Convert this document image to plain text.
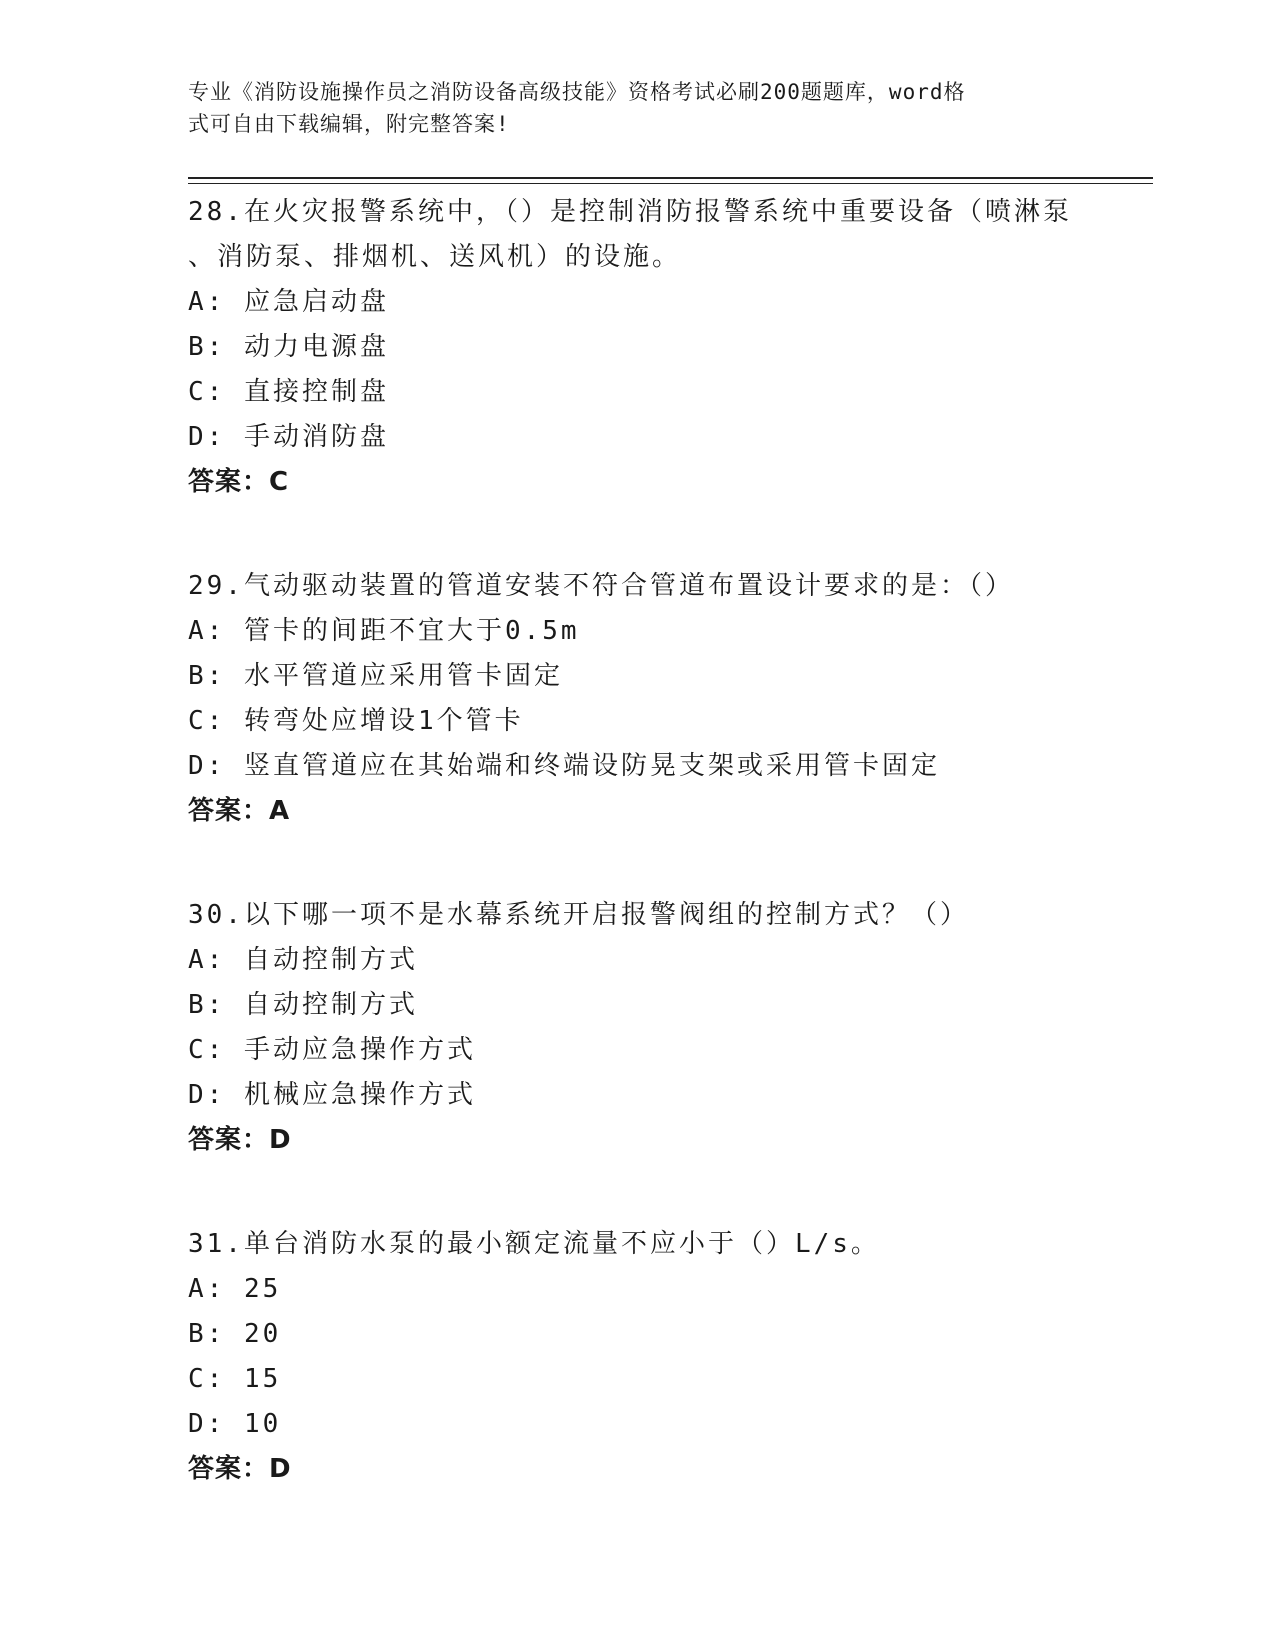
专业《消防设施操作员之消防设备高级技能》资格考试必刷200题题库，word格
式可自由下载编辑，附完整答案!
28.在火灾报警系统中，（）是控制消防报警系统中重要设备（喷淋泵
、消防泵、排烟机、送风机）的设施。
A: 应急启动盘
B: 动力电源盘
C: 直接控制盘
D: 手动消防盘
答案：C
29.气动驱动装置的管道安装不符合管道布置设计要求的是：（）
A: 管卡的间距不宜大于0.5m
B: 水平管道应采用管卡固定
C: 转弯处应增设1个管卡
D: 竖直管道应在其始端和终端设防晃支架或采用管卡固定
答案：A
30.以下哪一项不是水幕系统开启报警阀组的控制方式？（）
A: 自动控制方式
B: 自动控制方式
C: 手动应急操作方式
D: 机械应急操作方式
答案：D
31.单台消防水泵的最小额定流量不应小于（）L/s。
A: 25
B: 20
C: 15
D: 10
答案：D
